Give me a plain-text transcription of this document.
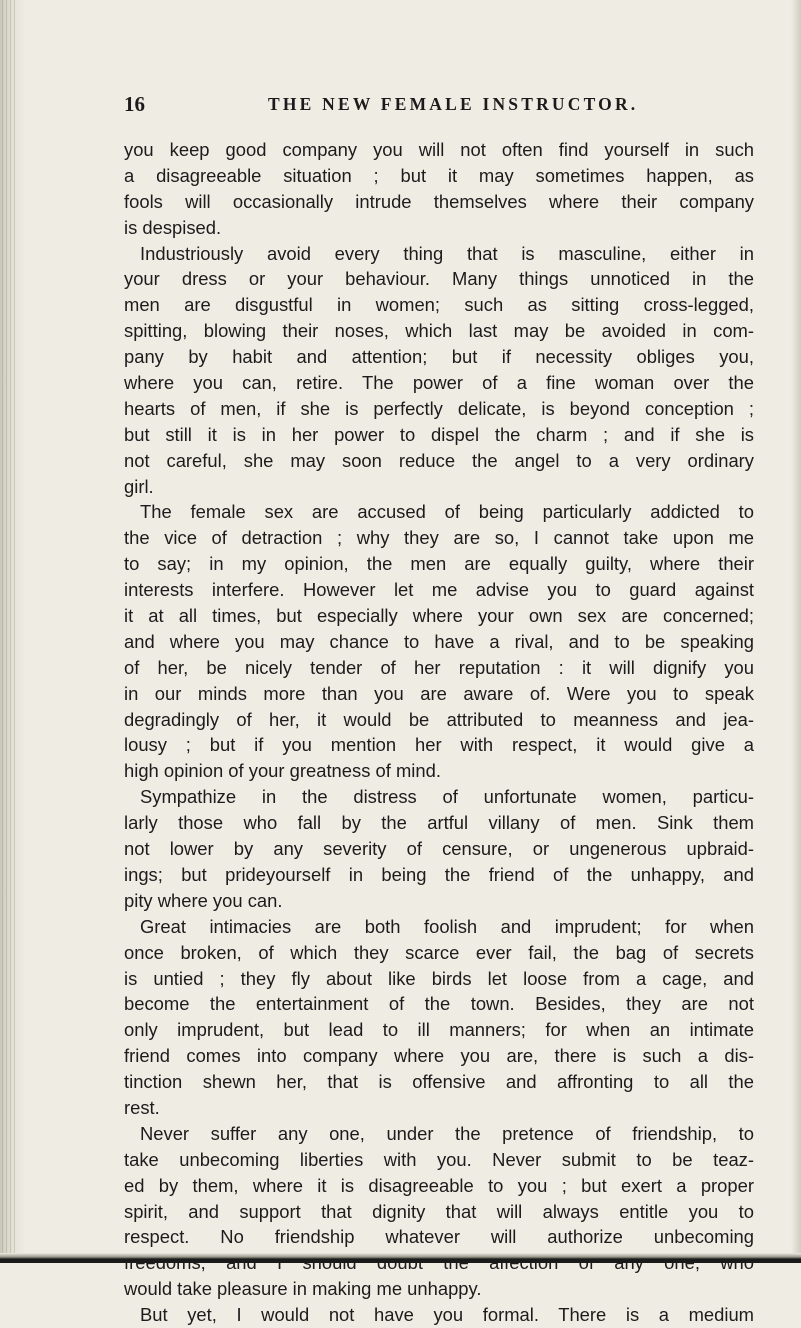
16	THE NEW FEMALE INSTRUCTOR.
you keep good company you will not often find yourself in such
a disagreeable situation ; but it may sometimes happen, as
fools will occasionally intrude themselves where their company
is despised.
Industriously avoid every thing that is masculine, either in
your dress or your behaviour. Many things unnoticed in the
men are disgustful in women; such as sitting cross-legged,
spitting, blowing their noses, which last may be avoided in com-
pany by habit and attention; but if necessity obliges you,
where you can, retire. The power of a fine woman over the
hearts of men, if she is perfectly delicate, is beyond conception ;
but still it is in her power to dispel the charm ; and if she is
not careful, she may soon reduce the angel to a very ordinary
girl.
The female sex are accused of being particularly addicted to
the vice of detraction ; why they are so, I cannot take upon me
to say; in my opinion, the men are equally guilty, where their
interests interfere. However let me advise you to guard against
it at all times, but especially where your own sex are concerned;
and where you may chance to have a rival, and to be speaking
of her, be nicely tender of her reputation : it will dignify you
in our minds more than you are aware of. Were you to speak
degradingly of her, it would be attributed to meanness and jea-
lousy ; but if you mention her with respect, it would give a
high opinion of your greatness of mind.
Sympathize in the distress of unfortunate women, particu-
larly those who fall by the artful villany of men. Sink them
not lower by any severity of censure, or ungenerous upbraid-
ings; but prideyourself in being the friend of the unhappy, and
pity where you can.
Great intimacies are both foolish and imprudent; for when
once broken, of which they scarce ever fail, the bag of secrets
is untied ; they fly about like birds let loose from a cage, and
become the entertainment of the town. Besides, they are not
only imprudent, but lead to ill manners; for when an intimate
friend comes into company where you are, there is such a dis-
tinction shewn her, that is offensive and affronting to all the
rest.
Never suffer any one, under the pretence of friendship, to
take unbecoming liberties with you. Never submit to be teaz-
ed by them, where it is disagreeable to you ; but exert a proper
spirit, and support that dignity that will always entitle you to
respect. No friendship whatever will authorize unbecoming
would take pleasure in making me unhappy.
But yet, I would not have you formal. There is a medium
